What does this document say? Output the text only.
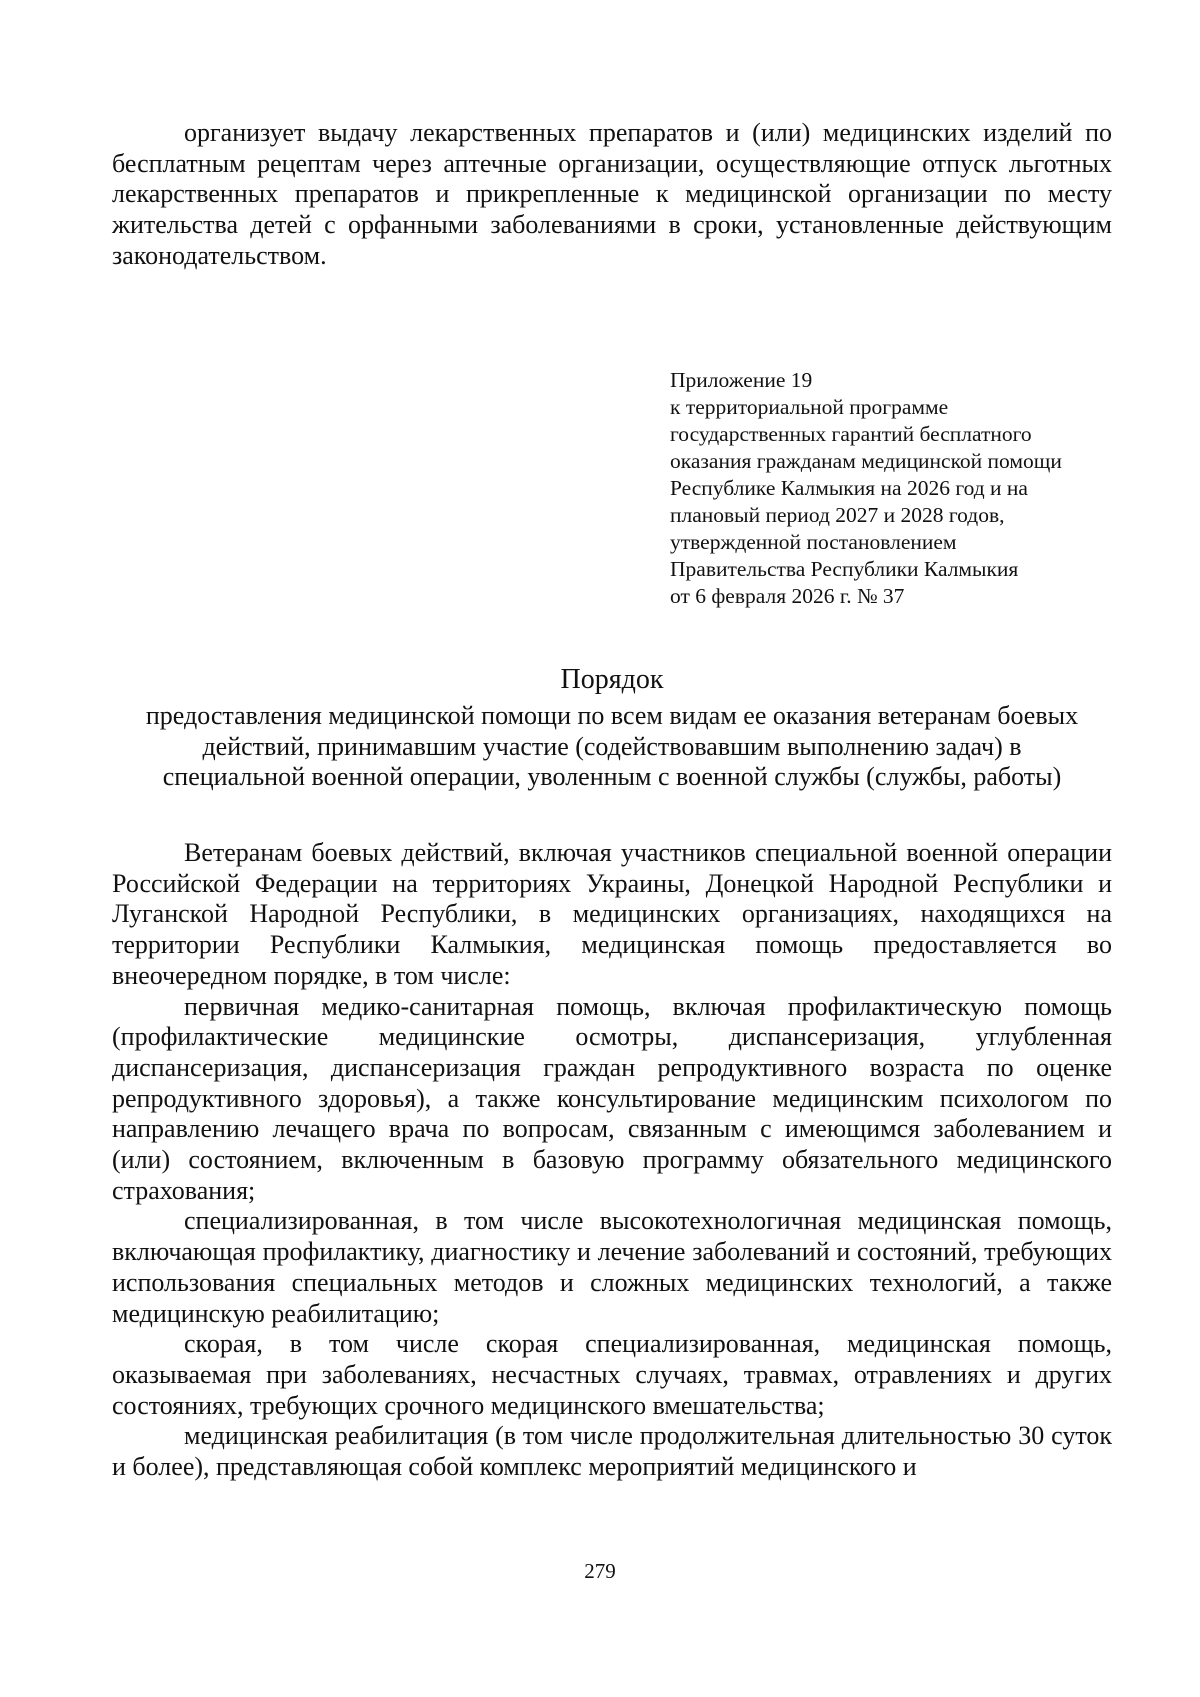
организует выдачу лекарственных препаратов и (или) медицинских изделий по бесплатным рецептам через аптечные организации, осуществляющие отпуск льготных лекарственных препаратов и прикрепленные к медицинской организации по месту жительства детей с орфанными заболеваниями в сроки, установленные действующим законодательством.

Приложение 19
к территориальной программе
государственных гарантий бесплатного
оказания гражданам медицинской помощи
Республике Калмыкия на 2026 год и на
плановый период 2027 и 2028 годов,
утвержденной постановлением
Правительства Республики Калмыкия
от 6 февраля 2026 г. № 37
Порядок
предоставления медицинской помощи по всем видам ее оказания ветеранам боевых
действий, принимавшим участие (содействовавшим выполнению задач) в
специальной военной операции, уволенным с военной службы (службы, работы)

Ветеранам боевых действий, включая участников специальной военной операции Российской Федерации на территориях Украины, Донецкой Народной Республики и Луганской Народной Республики, в медицинских организациях, находящихся на территории Республики Калмыкия, медицинская помощь предоставляется во внеочередном порядке, в том числе:

первичная медико-санитарная помощь, включая профилактическую помощь (профилактические медицинские осмотры, диспансеризация, углубленная диспансеризация, диспансеризация граждан репродуктивного возраста по оценке репродуктивного здоровья), а также консультирование медицинским психологом по направлению лечащего врача по вопросам, связанным с имеющимся заболеванием и (или) состоянием, включенным в базовую программу обязательного медицинского страхования;

специализированная, в том числе высокотехнологичная медицинская помощь, включающая профилактику, диагностику и лечение заболеваний и состояний, требующих использования специальных методов и сложных медицинских технологий, а также медицинскую реабилитацию;

скорая, в том числе скорая специализированная, медицинская помощь, оказываемая при заболеваниях, несчастных случаях, травмах, отравлениях и других состояниях, требующих срочного медицинского вмешательства;

медицинская реабилитация (в том числе продолжительная длительностью 30 суток и более), представляющая собой комплекс мероприятий медицинского и

279
